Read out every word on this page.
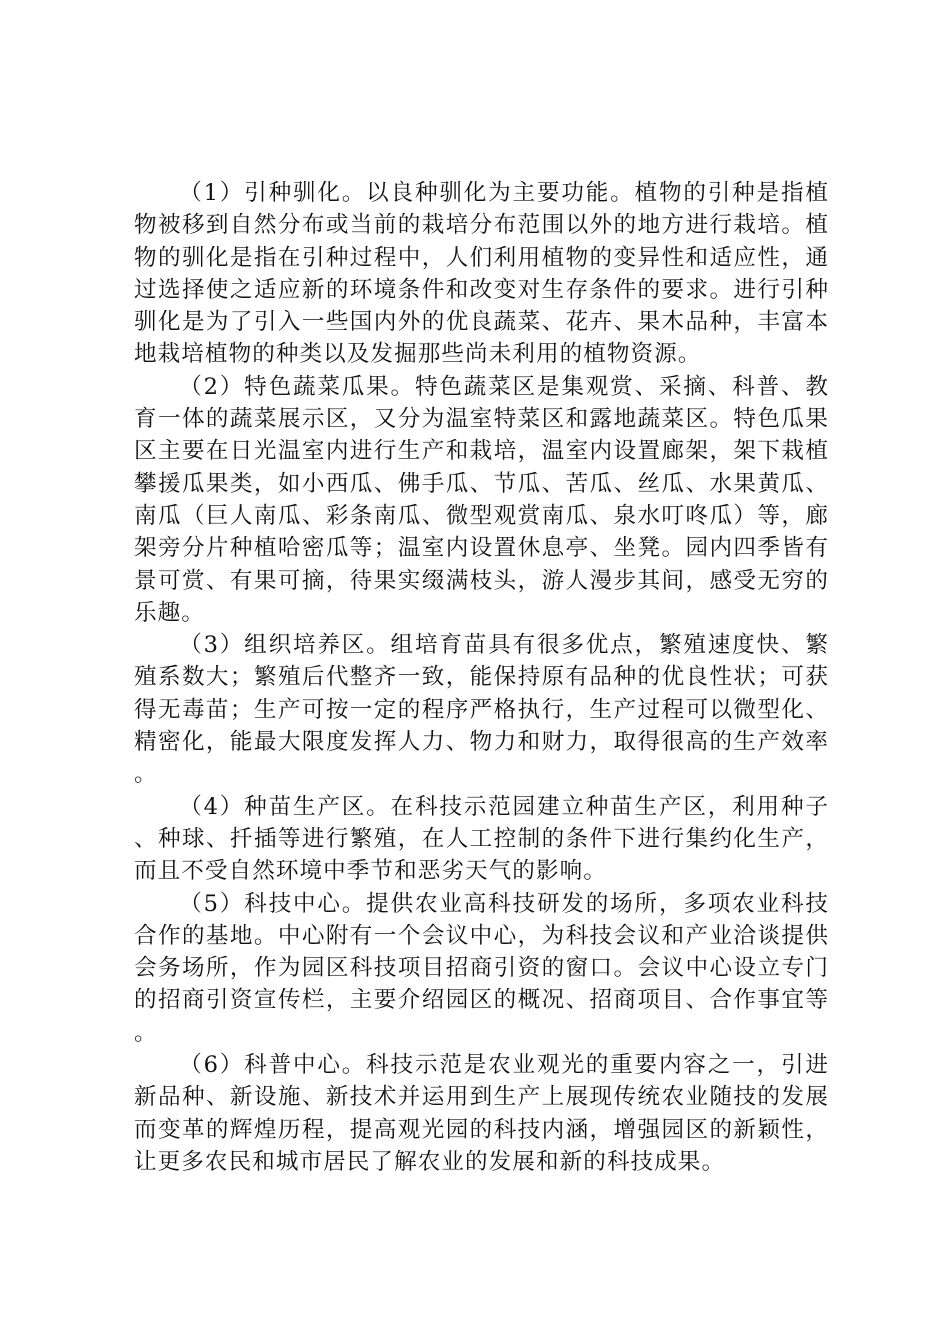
（1）引种驯化。以良种驯化为主要功能。植物的引种是指植物被移到自然分布或当前的栽培分布范围以外的地方进行栽培。植物的驯化是指在引种过程中，人们利用植物的变异性和适应性，通过选择使之适应新的环境条件和改变对生存条件的要求。进行引种驯化是为了引入一些国内外的优良蔬菜、花卉、果木品种，丰富本地栽培植物的种类以及发掘那些尚未利用的植物资源。

（2）特色蔬菜瓜果。特色蔬菜区是集观赏、采摘、科普、教育一体的蔬菜展示区，又分为温室特菜区和露地蔬菜区。特色瓜果区主要在日光温室内进行生产和栽培，温室内设置廊架，架下栽植攀援瓜果类，如小西瓜、佛手瓜、节瓜、苦瓜、丝瓜、水果黄瓜、南瓜（巨人南瓜、彩条南瓜、微型观赏南瓜、泉水叮咚瓜）等，廊架旁分片种植哈密瓜等；温室内设置休息亭、坐凳。园内四季皆有景可赏、有果可摘，待果实缀满枝头，游人漫步其间，感受无穷的乐趣。

（3）组织培养区。组培育苗具有很多优点，繁殖速度快、繁殖系数大；繁殖后代整齐一致，能保持原有品种的优良性状；可获得无毒苗；生产可按一定的程序严格执行，生产过程可以微型化、精密化，能最大限度发挥人力、物力和财力，取得很高的生产效率。

（4）种苗生产区。在科技示范园建立种苗生产区，利用种子、种球、扦插等进行繁殖，在人工控制的条件下进行集约化生产，而且不受自然环境中季节和恶劣天气的影响。

（5）科技中心。提供农业高科技研发的场所，多项农业科技合作的基地。中心附有一个会议中心，为科技会议和产业洽谈提供会务场所，作为园区科技项目招商引资的窗口。会议中心设立专门的招商引资宣传栏，主要介绍园区的概况、招商项目、合作事宜等。

（6）科普中心。科技示范是农业观光的重要内容之一，引进新品种、新设施、新技术并运用到生产上展现传统农业随技的发展而变革的辉煌历程，提高观光园的科技内涵，增强园区的新颖性，让更多农民和城市居民了解农业的发展和新的科技成果。
